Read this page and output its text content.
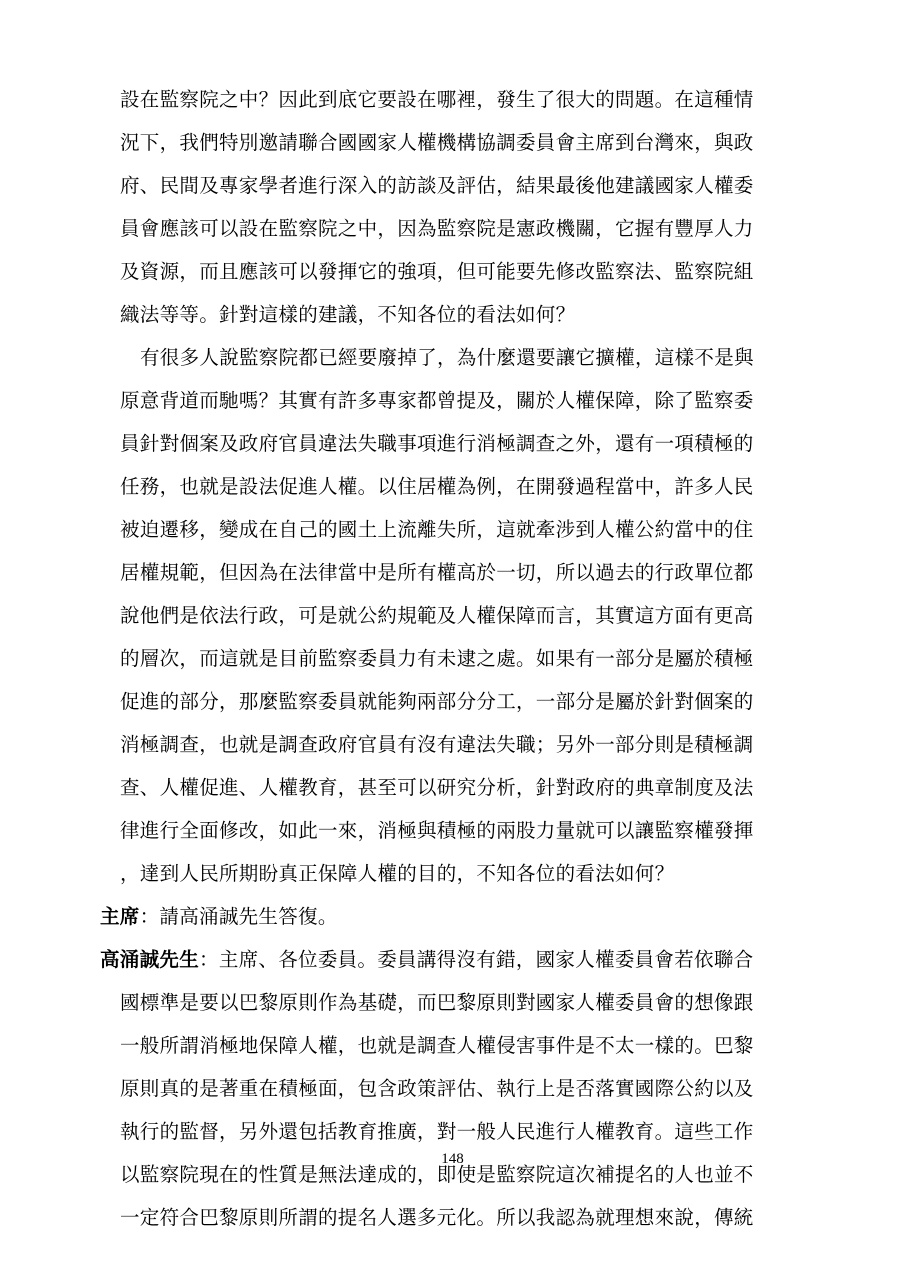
設在監察院之中？因此到底它要設在哪裡，發生了很大的問題。在這種情
況下，我們特別邀請聯合國國家人權機構協調委員會主席到台灣來，與政
府、民間及專家學者進行深入的訪談及評估，結果最後他建議國家人權委
員會應該可以設在監察院之中，因為監察院是憲政機關，它握有豐厚人力
及資源，而且應該可以發揮它的強項，但可能要先修改監察法、監察院組
織法等等。針對這樣的建議，不知各位的看法如何？
有很多人說監察院都已經要廢掉了，為什麼還要讓它擴權，這樣不是與
原意背道而馳嗎？其實有許多專家都曾提及，關於人權保障，除了監察委
員針對個案及政府官員違法失職事項進行消極調查之外，還有一項積極的
任務，也就是設法促進人權。以住居權為例，在開發過程當中，許多人民
被迫遷移，變成在自己的國土上流離失所，這就牽涉到人權公約當中的住
居權規範，但因為在法律當中是所有權高於一切，所以過去的行政單位都
說他們是依法行政，可是就公約規範及人權保障而言，其實這方面有更高
的層次，而這就是目前監察委員力有未逮之處。如果有一部分是屬於積極
促進的部分，那麼監察委員就能夠兩部分分工，一部分是屬於針對個案的
消極調查，也就是調查政府官員有沒有違法失職；另外一部分則是積極調
查、人權促進、人權教育，甚至可以研究分析，針對政府的典章制度及法
律進行全面修改，如此一來，消極與積極的兩股力量就可以讓監察權發揮
，達到人民所期盼真正保障人權的目的，不知各位的看法如何？
主席：請高涌誠先生答復。
高涌誠先生：主席、各位委員。委員講得沒有錯，國家人權委員會若依聯合
國標準是要以巴黎原則作為基礎，而巴黎原則對國家人權委員會的想像跟
一般所謂消極地保障人權，也就是調查人權侵害事件是不太一樣的。巴黎
原則真的是著重在積極面，包含政策評估、執行上是否落實國際公約以及
執行的監督，另外還包括教育推廣，對一般人民進行人權教育。這些工作
以監察院現在的性質是無法達成的，即使是監察院這次補提名的人也並不
一定符合巴黎原則所謂的提名人選多元化。所以我認為就理想來說，傳統
148
